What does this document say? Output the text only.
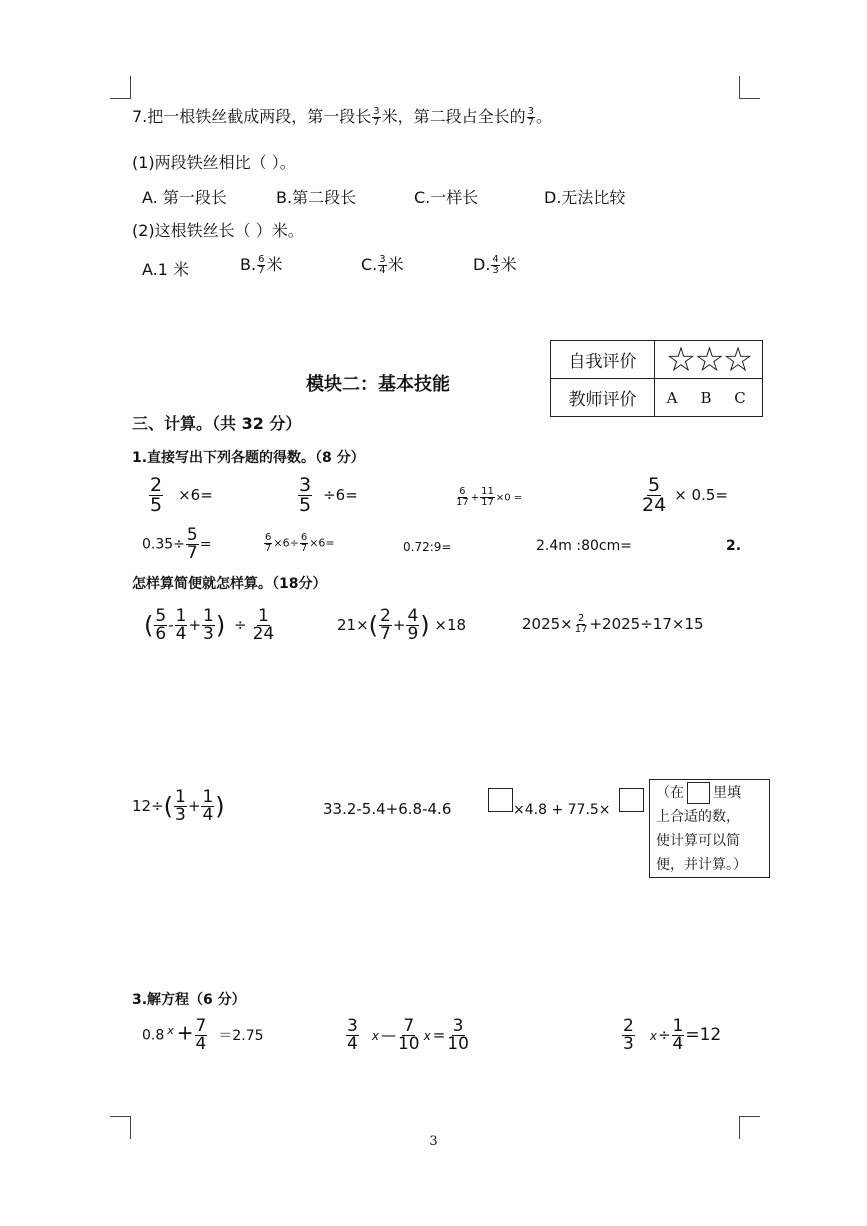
7.把一根铁丝截成两段，第一段长 $\frac{3}{7}$ 米，第二段占全长的 $\frac{3}{7}$ 。
(1)两段铁丝相比（ ）。
A. 第一段长	B.第二段长	C.一样长	D.无法比较
(2)这根铁丝长（ ）米。
A.1 米	B. $\frac{6}{7}$ 米	C. $\frac{3}{4}$ 米	D. $\frac{4}{3}$ 米
模块二：基本技能
自我评价	☆☆☆
教师评价	A B C
三、计算。（共 32 分）
1.直接写出下列各题的得数。（8 分）
$\frac{2}{5} \times 6=$	$\frac{3}{5} \div 6=$	$\frac{6}{17} + \frac{11}{17} \times 0$ =	$\frac{5}{24} \times 0.5=$
$0.35\div \frac{5}{7}$ =	$\frac{6}{7} \times 6\div \frac{6}{7} \times 6=$	0.72:9=	2.4m :80cm=	2.
怎样算简便就怎样算。（18分）
( $\frac{5}{6} - \frac{1}{4} + \frac{1}{3}$ ) ÷ $\frac{1}{24}$	$21\times( \frac{2}{7} + \frac{4}{9}$ ) ×18	$2025\times \frac{2}{17} +2025\div 17\times 15$
$12\div( \frac{1}{3} + \frac{1}{4}$ )	33.2-5.4+6.8-4.6	×4.8 + 77.5×
（在 里填
上合适的数，
使计算可以简
便，并计算。）
3.解方程（6 分）
0.8 $^x + \frac{7}{4} =2.75$	$\frac{3}{4}$ x — $\frac{7}{10}$ $x = \frac{3}{10}$	$\frac{2}{3} x\div \frac{1}{4} =12$
3
